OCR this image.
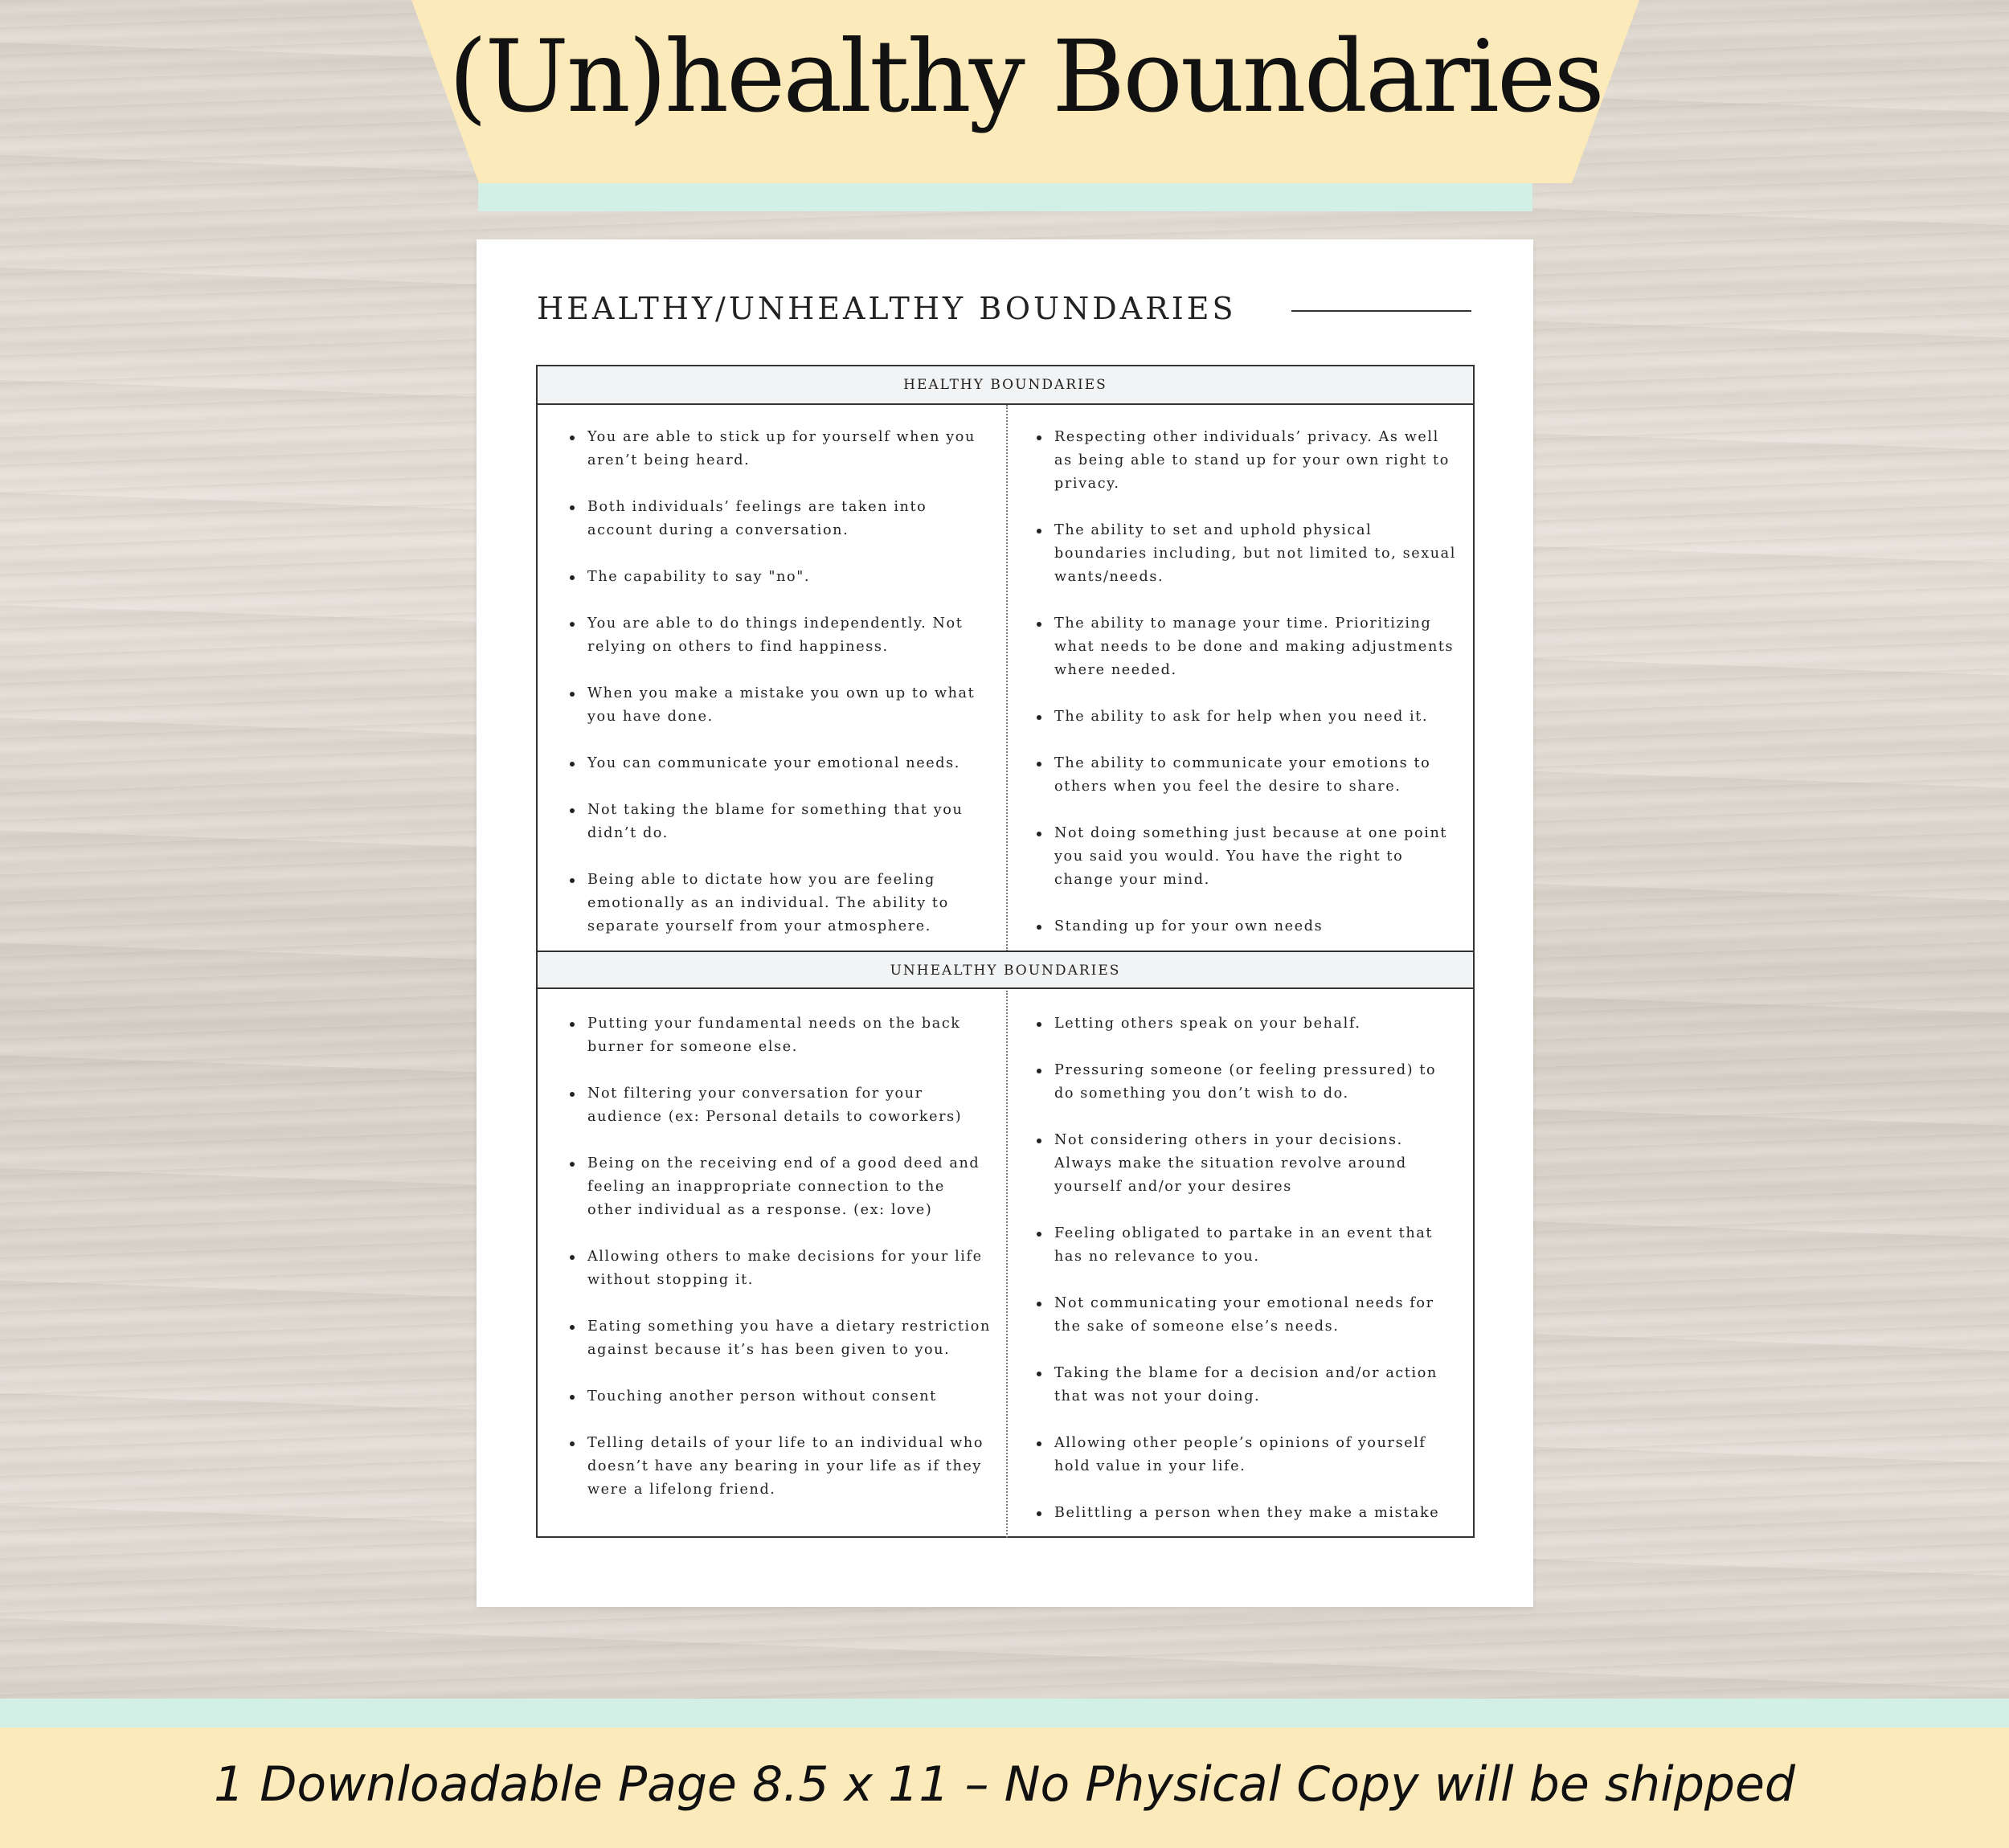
(Un)healthy Boundaries
HEALTHY/UNHEALTHY BOUNDARIES
HEALTHY BOUNDARIES
You are able to stick up for yourself when you aren’t being heard.
Both individuals’ feelings are taken into account during a conversation.
The capability to say "no".
You are able to do things independently. Not relying on others to find happiness.
When you make a mistake you own up to what you have done.
You can communicate your emotional needs.
Not taking the blame for something that you didn’t do.
Being able to dictate how you are feeling emotionally as an individual. The ability to separate yourself from your atmosphere.
Respecting other individuals’ privacy. As well as being able to stand up for your own right to privacy.
The ability to set and uphold physical boundaries including, but not limited to, sexual wants/needs.
The ability to manage your time. Prioritizing what needs to be done and making adjustments where needed.
The ability to ask for help when you need it.
The ability to communicate your emotions to others when you feel the desire to share.
Not doing something just because at one point you said you would. You have the right to change your mind.
Standing up for your own needs
UNHEALTHY BOUNDARIES
Putting your fundamental needs on the back burner for someone else.
Not filtering your conversation for your audience (ex: Personal details to coworkers)
Being on the receiving end of a good deed and feeling an inappropriate connection to the other individual as a response. (ex: love)
Allowing others to make decisions for your life without stopping it.
Eating something you have a dietary restriction against because it’s has been given to you.
Touching another person without consent
Telling details of your life to an individual who doesn’t have any bearing in your life as if they were a lifelong friend.
Letting others speak on your behalf.
Pressuring someone (or feeling pressured) to do something you don’t wish to do.
Not considering others in your decisions. Always make the situation revolve around yourself and/or your desires
Feeling obligated to partake in an event that has no relevance to you.
Not communicating your emotional needs for the sake of someone else’s needs.
Taking the blame for a decision and/or action that was not your doing.
Allowing other people’s opinions of yourself hold value in your life.
Belittling a person when they make a mistake
1 Downloadable Page 8.5 x 11 – No Physical Copy will be shipped
